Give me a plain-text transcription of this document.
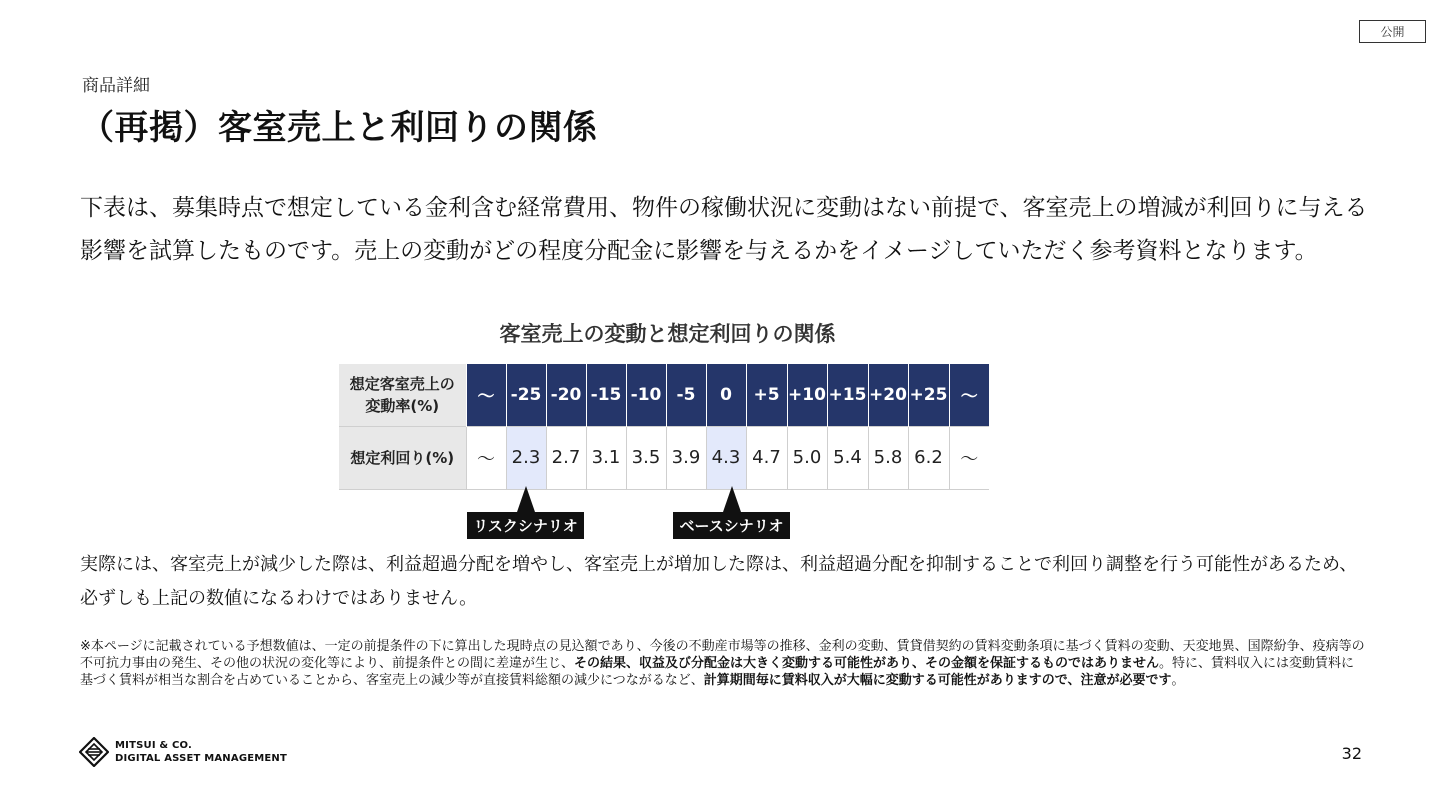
公開
商品詳細
（再掲）客室売上と利回りの関係
下表は、募集時点で想定している金利含む経常費用、物件の稼働状況に変動はない前提で、客室売上の増減が利回りに与える影響を試算したものです。売上の変動がどの程度分配金に影響を与えるかをイメージしていただく参考資料となります。
客室売上の変動と想定利回りの関係
想定客室売上の
変動率(%)	〜	-25	-20	-15	-10	-5	0	+5	+10	+15	+20	+25	〜
想定利回り(%)	〜	2.3	2.7	3.1	3.5	3.9	4.3	4.7	5.0	5.4	5.8	6.2	〜
リスクシナリオ	ベースシナリオ
実際には、客室売上が減少した際は、利益超過分配を増やし、客室売上が増加した際は、利益超過分配を抑制することで利回り調整を行う可能性があるため、必ずしも上記の数値になるわけではありません。
※本ページに記載されている予想数値は、一定の前提条件の下に算出した現時点の見込額であり、今後の不動産市場等の推移、金利の変動、賃貸借契約の賃料変動条項に基づく賃料の変動、天変地異、国際紛争、疫病等の不可抗力事由の発生、その他の状況の変化等により、前提条件との間に差違が生じ、その結果、収益及び分配金は大きく変動する可能性があり、その金額を保証するものではありません。特に、賃料収入には変動賃料に基づく賃料が相当な割合を占めていることから、客室売上の減少等が直接賃料総額の減少につながるなど、計算期間毎に賃料収入が大幅に変動する可能性がありますので、注意が必要です。
MITSUI & CO.
DIGITAL ASSET MANAGEMENT	32
